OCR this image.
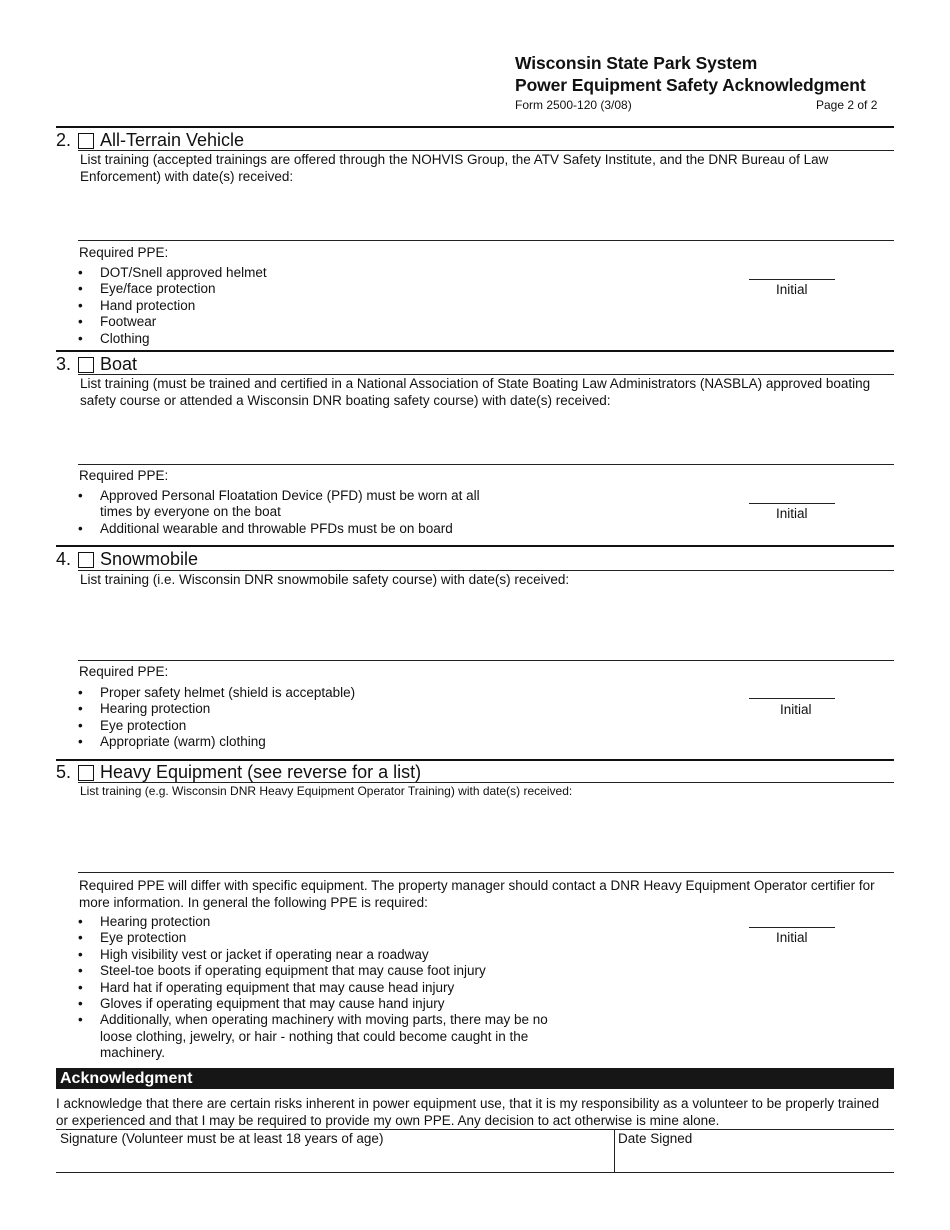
Wisconsin State Park System
Power Equipment Safety Acknowledgment
Form 2500-120 (3/08)	Page 2 of 2
2. All-Terrain Vehicle
List training (accepted trainings are offered through the NOHVIS Group, the ATV Safety Institute, and the DNR Bureau of Law Enforcement) with date(s) received:
Required PPE:
• DOT/Snell approved helmet
• Eye/face protection
• Hand protection
• Footwear
• Clothing
Initial
3. Boat
List training (must be trained and certified in a National Association of State Boating Law Administrators (NASBLA) approved boating safety course or attended a Wisconsin DNR boating safety course) with date(s) received:
Required PPE:
• Approved Personal Floatation Device (PFD) must be worn at all times by everyone on the boat
• Additional wearable and throwable PFDs must be on board
Initial
4. Snowmobile
List training (i.e. Wisconsin DNR snowmobile safety course) with date(s) received:
Required PPE:
• Proper safety helmet (shield is acceptable)
• Hearing protection
• Eye protection
• Appropriate (warm) clothing
Initial
5. Heavy Equipment (see reverse for a list)
List training (e.g. Wisconsin DNR Heavy Equipment Operator Training) with date(s) received:
Required PPE will differ with specific equipment. The property manager should contact a DNR Heavy Equipment Operator certifier for more information. In general the following PPE is required:
• Hearing protection
• Eye protection
• High visibility vest or jacket if operating near a roadway
• Steel-toe boots if operating equipment that may cause foot injury
• Hard hat if operating equipment that may cause head injury
• Gloves if operating equipment that may cause hand injury
• Additionally, when operating machinery with moving parts, there may be no loose clothing, jewelry, or hair - nothing that could become caught in the machinery.
Initial
Acknowledgment
I acknowledge that there are certain risks inherent in power equipment use, that it is my responsibility as a volunteer to be properly trained or experienced and that I may be required to provide my own PPE. Any decision to act otherwise is mine alone.
Signature (Volunteer must be at least 18 years of age)	Date Signed
